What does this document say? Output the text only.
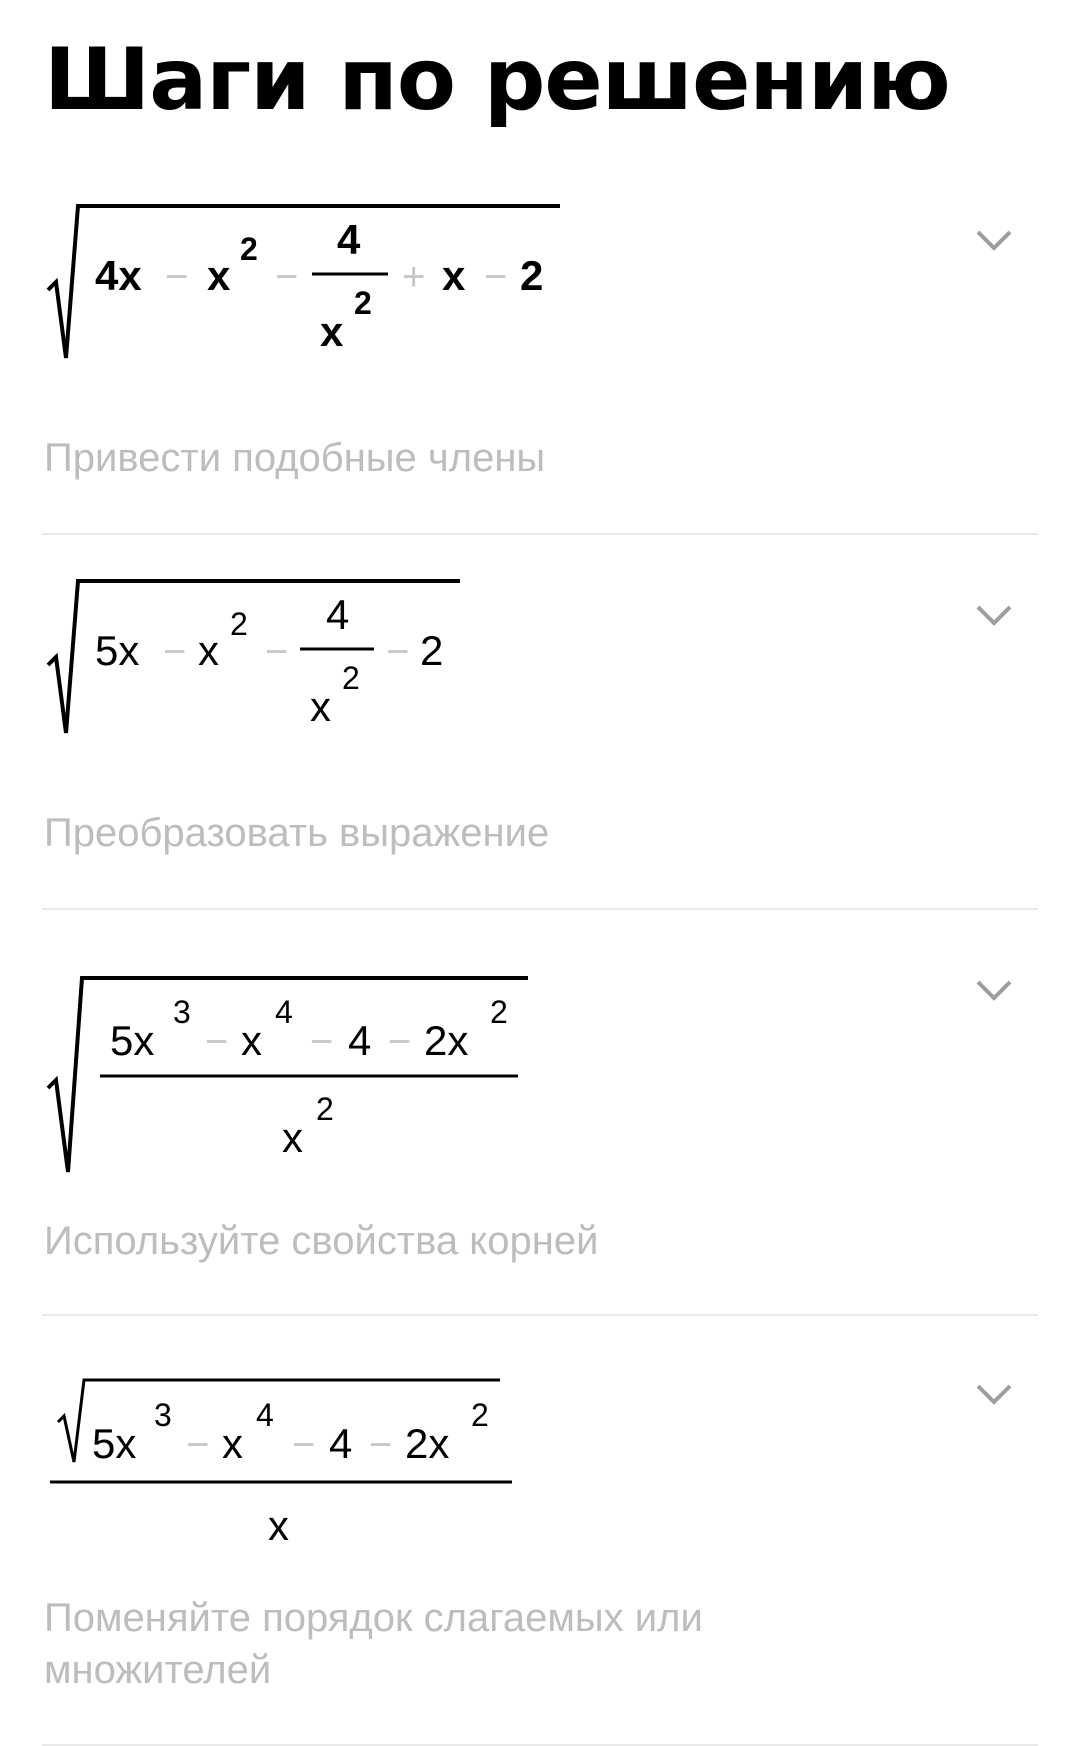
Шаги по решению
4x − x
2
−
4
x
2
+ x − 2
Привести подобные члены
5x − x
2
−
4
x
2
− 2
Преобразовать выражение
5x
3
− x
4
− 4 − 2x
2
x
2
Используйте свойства корней
5x
3
− x
4
− 4 − 2x
2
x
Поменяйте порядок слагаемых или множителей
